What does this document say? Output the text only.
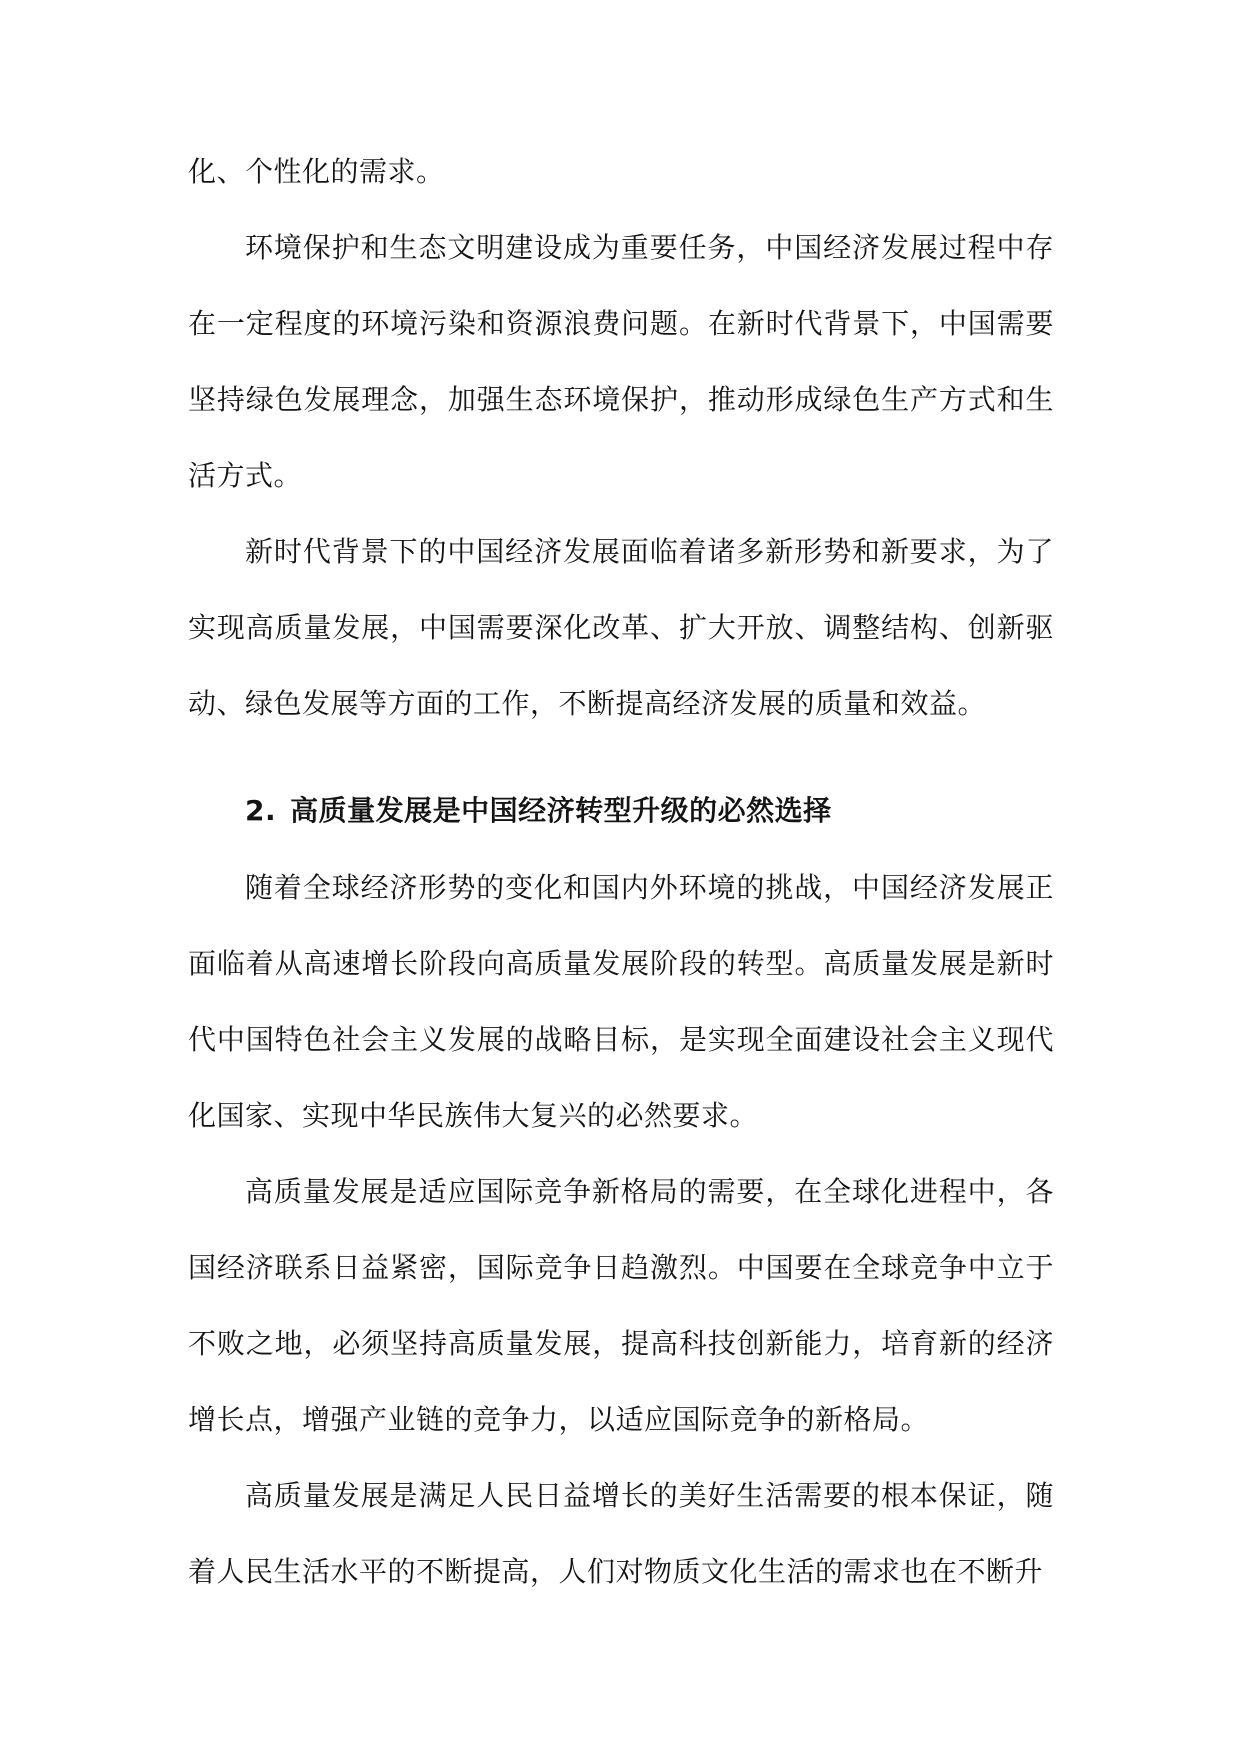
化、个性化的需求。

环境保护和生态文明建设成为重要任务，中国经济发展过程中存在一定程度的环境污染和资源浪费问题。在新时代背景下，中国需要坚持绿色发展理念，加强生态环境保护，推动形成绿色生产方式和生活方式。

新时代背景下的中国经济发展面临着诸多新形势和新要求，为了实现高质量发展，中国需要深化改革、扩大开放、调整结构、创新驱动、绿色发展等方面的工作，不断提高经济发展的质量和效益。

2. 高质量发展是中国经济转型升级的必然选择

随着全球经济形势的变化和国内外环境的挑战，中国经济发展正面临着从高速增长阶段向高质量发展阶段的转型。高质量发展是新时代中国特色社会主义发展的战略目标，是实现全面建设社会主义现代化国家、实现中华民族伟大复兴的必然要求。

高质量发展是适应国际竞争新格局的需要，在全球化进程中，各国经济联系日益紧密，国际竞争日趋激烈。中国要在全球竞争中立于不败之地，必须坚持高质量发展，提高科技创新能力，培育新的经济增长点，增强产业链的竞争力，以适应国际竞争的新格局。

高质量发展是满足人民日益增长的美好生活需要的根本保证，随着人民生活水平的不断提高，人们对物质文化生活的需求也在不断升
